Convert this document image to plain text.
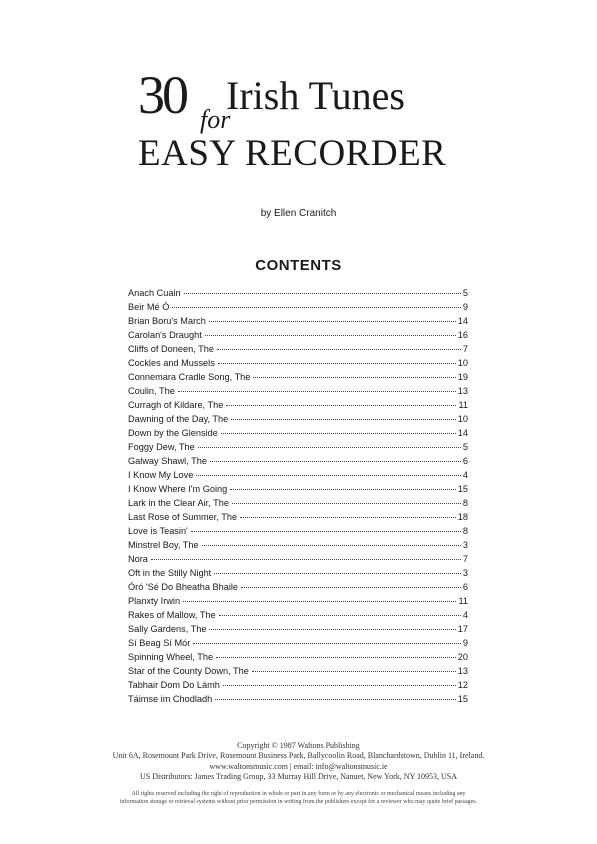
30 Irish Tunes
for
EASY RECORDER
by Ellen Cranitch
CONTENTS
Anach Cuain	5
Beir Mé Ó	9
Brian Boru's March	14
Carolan's Draught	16
Cliffs of Doneen, The	7
Cockles and Mussels	10
Connemara Cradle Song, The	19
Coulin, The	13
Curragh of Kildare, The	11
Dawning of the Day, The	10
Down by the Glenside	14
Foggy Dew, The	5
Galway Shawl, The	6
I Know My Love	4
I Know Where I'm Going	15
Lark in the Clear Air, The	8
Last Rose of Summer, The	18
Love is Teasin'	8
Minstrel Boy, The	3
Nora	7
Oft in the Stilly Night	3
Óró 'Sé Do Bheatha Bhaile	6
Planxty Irwin	11
Rakes of Mallow, The	4
Sally Gardens, The	17
Sí Beag Sí Mór	9
Spinning Wheel, The	20
Star of the County Down, The	13
Tabhair Dom Do Lámh	12
Táimse im Chodladh	15
Copyright © 1987 Waltons Publishing
Unit 6A, Rosemount Park Drive, Rosemount Business Park, Ballycoolin Road, Blanchardstown, Dublin 11, Ireland.
www.waltonsmusic.com | email: info@waltonsmusic.ie
US Distributors: James Trading Group, 33 Murray Hill Drive, Nanuet, New York, NY 10953, USA
All rights reserved including the right of reproduction in whole or part in any form or by any electronic or mechanical means including any
information storage or retrieval systems without prior permission in writing from the publishers except for a reviewer who may quote brief passages.
